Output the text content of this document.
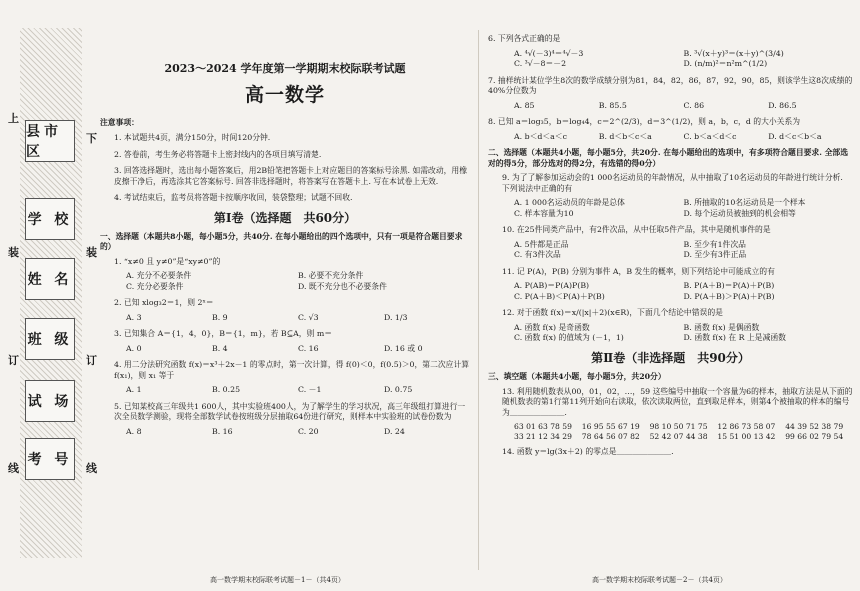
县市区
学 校
姓 名
班 级
试 场
考 号
上
装
订
线
下
装
订
线
2023～2024 学年度第一学期期末校际联考试题
高一数学
注意事项：
1. 本试题共4页，满分150分，时间120分钟.
2. 答卷前，考生务必将答题卡上密封线内的各项目填写清楚.
3. 回答选择题时，选出每小题答案后，用2B铅笔把答题卡上对应题目的答案标号涂黑. 如需改动，用橡皮擦干净后，再选涂其它答案标号. 回答非选择题时，将答案写在答题卡上. 写在本试卷上无效.
4. 考试结束后，监考员将答题卡按顺序收回，装袋整理；试题不回收.
第Ⅰ卷（选择题　共60分）
一、选择题（本题共8小题，每小题5分，共40分. 在每小题给出的四个选项中，只有一项是符合题目要求的）
1. “x≠0 且 y≠0”是“xy≠0”的
A. 充分不必要条件	B. 必要不充分条件
C. 充分必要条件	D. 既不充分也不必要条件
2. 已知 xlog₃2＝1，则 2ˣ＝
A. 3	B. 9	C. √3	D. 1/3
3. 已知集合 A＝{1，4，0}，B＝{1，m}，若 B⊆A，则 m＝
A. 0	B. 4	C. 16	D. 16 或 0
4. 用二分法研究函数 f(x)＝x³＋2x－1 的零点时，第一次计算，得 f(0)＜0，f(0.5)＞0，第二次应计算 f(x₁)，则 x₁ 等于
A. 1	B. 0.25	C. －1	D. 0.75
5. 已知某校高三年级共1 600人，其中实验班400人，为了解学生的学习状况，高三年级组打算进行一次全员数学测验，现将全部数学试卷按班级分层抽取64份进行研究，则样本中实验班的试卷份数为
A. 8	B. 16	C. 20	D. 24
高一数学期末校际联考试题－1－（共4页）
6. 下列各式正确的是
A. ⁴√(－3)⁴＝⁴√－3	B. ³√(x＋y)³＝(x＋y)^(3/4)
C. ³√－8＝－2	D. (n/m)²＝n²m^(1/2)
7. 抽样统计某位学生8次的数学成绩分别为81，84，82，86，87，92，90，85，则该学生这8次成绩的40%分位数为
A. 85	B. 85.5	C. 86	D. 86.5
8. 已知 a＝log₃5，b＝log₄4，c＝2^(2/3)，d＝3^(1/2)，则 a，b，c，d 的大小关系为
A. b＜d＜a＜c	B. d＜b＜c＜a	C. b＜a＜d＜c	D. d＜c＜b＜a
二、选择题（本题共4小题，每小题5分，共20分. 在每小题给出的选项中，有多项符合题目要求. 全部选对的得5分，部分选对的得2分，有选错的得0分）
9. 为了了解参加运动会的1 000名运动员的年龄情况，从中抽取了10名运动员的年龄进行统计分析. 下列说法中正确的有
A. 1 000名运动员的年龄是总体	B. 所抽取的10名运动员是一个样本
C. 样本容量为10	D. 每个运动员被抽到的机会相等
10. 在25件同类产品中，有2件次品，从中任取5件产品，其中是随机事件的是
A. 5件都是正品	B. 至少有1件次品
C. 有3件次品	D. 至少有3件正品
11. 记 P(A)，P(B) 分别为事件 A，B 发生的概率，则下列结论中可能成立的有
A. P(AB)＝P(A)P(B)	B. P(A＋B)＝P(A)＋P(B)
C. P(A＋B)＜P(A)＋P(B)	D. P(A＋B)＞P(A)＋P(B)
12. 对于函数 f(x)＝x/(|x|＋2)(x∈R)，下面几个结论中错误的是
A. 函数 f(x) 是奇函数	B. 函数 f(x) 是偶函数
C. 函数 f(x) 的值域为 (－1，1)	D. 函数 f(x) 在 R 上是减函数
第Ⅱ卷（非选择题　共90分）
三、填空题（本题共4小题，每小题5分，共20分）
13. 利用随机数表从00，01，02，…，59 这些编号中抽取一个容量为6的样本，抽取方法是从下面的随机数表的第1行第11列开始向右读取，依次读取两位，直到取足样本，则第4个被抽取的样本的编号为＿＿＿＿＿＿＿.
63 01 63 78 59	16 95 55 67 19	98 10 50 71 75	12 86 73 58 07	44 39 52 38 79
33 21 12 34 29	78 64 56 07 82	52 42 07 44 38	15 51 00 13 42	99 66 02 79 54
14. 函数 y＝lg(3x＋2) 的零点是＿＿＿＿＿＿＿.
高一数学期末校际联考试题－2－（共4页）
